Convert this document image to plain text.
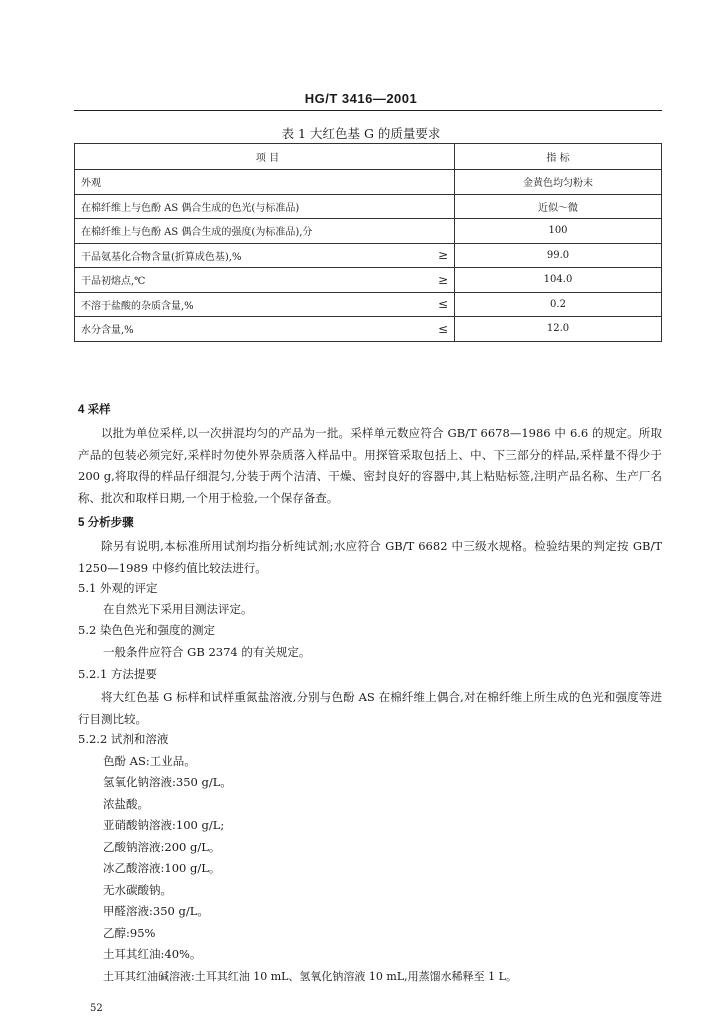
HG/T 3416—2001
表 1 大红色基 G 的质量要求
项 目	指 标
外观		金黄色均匀粉末
在棉纤维上与色酚 AS 偶合生成的色光(与标准品)		近似～微
在棉纤维上与色酚 AS 偶合生成的强度(为标准品),分		100
干品氨基化合物含量(折算成色基),% ≥		99.0
干品初熔点,℃ ≥		104.0
不溶于盐酸的杂质含量,% ≤		0.2
水分含量,% ≤		12.0
4 采样
以批为单位采样,以一次拼混均匀的产品为一批。采样单元数应符合 GB/T 6678—1986 中 6.6 的规定。所取产品的包装必须完好,采样时勿使外界杂质落入样品中。用探管采取包括上、中、下三部分的样品,采样量不得少于 200 g,将取得的样品仔细混匀,分装于两个洁清、干燥、密封良好的容器中,其上粘贴标签,注明产品名称、生产厂名称、批次和取样日期,一个用于检验,一个保存备查。
5 分析步骤
除另有说明,本标准所用试剂均指分析纯试剂;水应符合 GB/T 6682 中三级水规格。检验结果的判定按 GB/T 1250—1989 中修约值比较法进行。
5.1 外观的评定
在自然光下采用目测法评定。
5.2 染色色光和强度的测定
一般条件应符合 GB 2374 的有关规定。
5.2.1 方法提要
将大红色基 G 标样和试样重氮盐溶液,分别与色酚 AS 在棉纤维上偶合,对在棉纤维上所生成的色光和强度等进行目测比较。
5.2.2 试剂和溶液
色酚 AS:工业品。
氢氧化钠溶液:350 g/L。
浓盐酸。
亚硝酸钠溶液:100 g/L;
乙酸钠溶液:200 g/L。
冰乙酸溶液:100 g/L。
无水碳酸钠。
甲醛溶液:350 g/L。
乙醇:95%
土耳其红油:40%。
土耳其红油碱溶液:土耳其红油 10 mL、氢氧化钠溶液 10 mL,用蒸馏水稀释至 1 L。
52
